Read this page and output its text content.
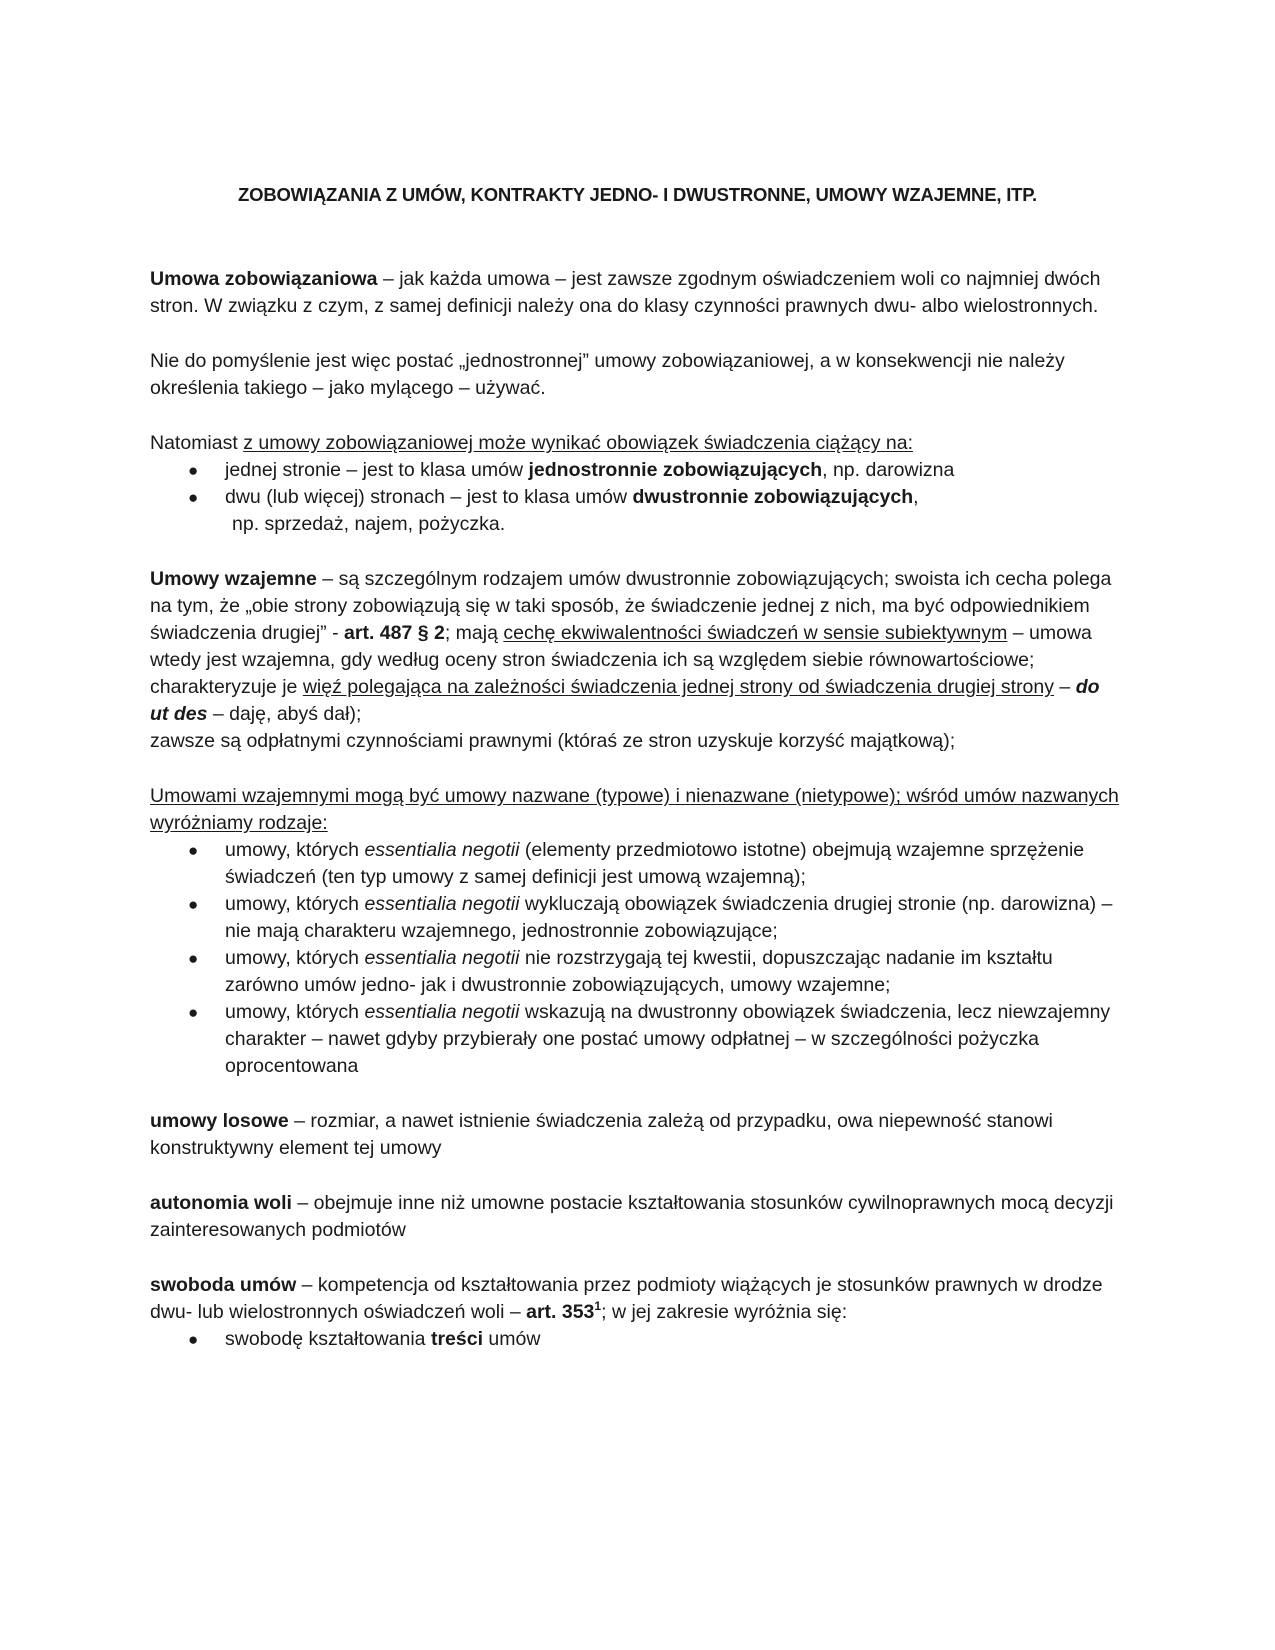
ZOBOWIĄZANIA Z UMÓW, KONTRAKTY JEDNO- I DWUSTRONNE, UMOWY WZAJEMNE, ITP.

Umowa zobowiązaniowa – jak każda umowa – jest zawsze zgodnym oświadczeniem woli co najmniej dwóch stron. W związku z czym, z samej definicji należy ona do klasy czynności prawnych dwu- albo wielostronnych.

Nie do pomyślenie jest więc postać „jednostronnej” umowy zobowiązaniowej, a w konsekwencji nie należy określenia takiego – jako mylącego – używać.

Natomiast z umowy zobowiązaniowej może wynikać obowiązek świadczenia ciążący na:

● jednej stronie – jest to klasa umów jednostronnie zobowiązujących, np. darowizna
● dwu (lub więcej) stronach – jest to klasa umów dwustronnie zobowiązujących,

np. sprzedaż, najem, pożyczka.

Umowy wzajemne – są szczególnym rodzajem umów dwustronnie zobowiązujących; swoista ich cecha polega na tym, że „obie strony zobowiązują się w taki sposób, że świadczenie jednej z nich, ma być odpowiednikiem świadczenia drugiej” - art. 487 § 2; mają cechę ekwiwalentności świadczeń w sensie subiektywnym – umowa wtedy jest wzajemna, gdy według oceny stron świadczenia ich są względem siebie równowartościowe; charakteryzuje je więź polegająca na zależności świadczenia jednej strony od świadczenia drugiej strony – do ut des – daję, abyś dał);

zawsze są odpłatnymi czynnościami prawnymi (któraś ze stron uzyskuje korzyść majątkową);

Umowami wzajemnymi mogą być umowy nazwane (typowe) i nienazwane (nietypowe); wśród umów nazwanych wyróżniamy rodzaje:

● umowy, których essentialia negotii (elementy przedmiotowo istotne) obejmują wzajemne sprzężenie świadczeń (ten typ umowy z samej definicji jest umową wzajemną);
● umowy, których essentialia negotii wykluczają obowiązek świadczenia drugiej stronie (np. darowizna) – nie mają charakteru wzajemnego, jednostronnie zobowiązujące;
● umowy, których essentialia negotii nie rozstrzygają tej kwestii, dopuszczając nadanie im kształtu zarówno umów jedno- jak i dwustronnie zobowiązujących, umowy wzajemne;
● umowy, których essentialia negotii wskazują na dwustronny obowiązek świadczenia, lecz niewzajemny charakter – nawet gdyby przybierały one postać umowy odpłatnej – w szczególności pożyczka oprocentowana

umowy losowe – rozmiar, a nawet istnienie świadczenia zależą od przypadku, owa niepewność stanowi konstruktywny element tej umowy

autonomia woli – obejmuje inne niż umowne postacie kształtowania stosunków cywilnoprawnych mocą decyzji zainteresowanych podmiotów

swoboda umów – kompetencja od kształtowania przez podmioty wiążących je stosunków prawnych w drodze dwu- lub wielostronnych oświadczeń woli – art. $353^1$; w jej zakresie wyróżnia się:

● swobodę kształtowania treści umów
